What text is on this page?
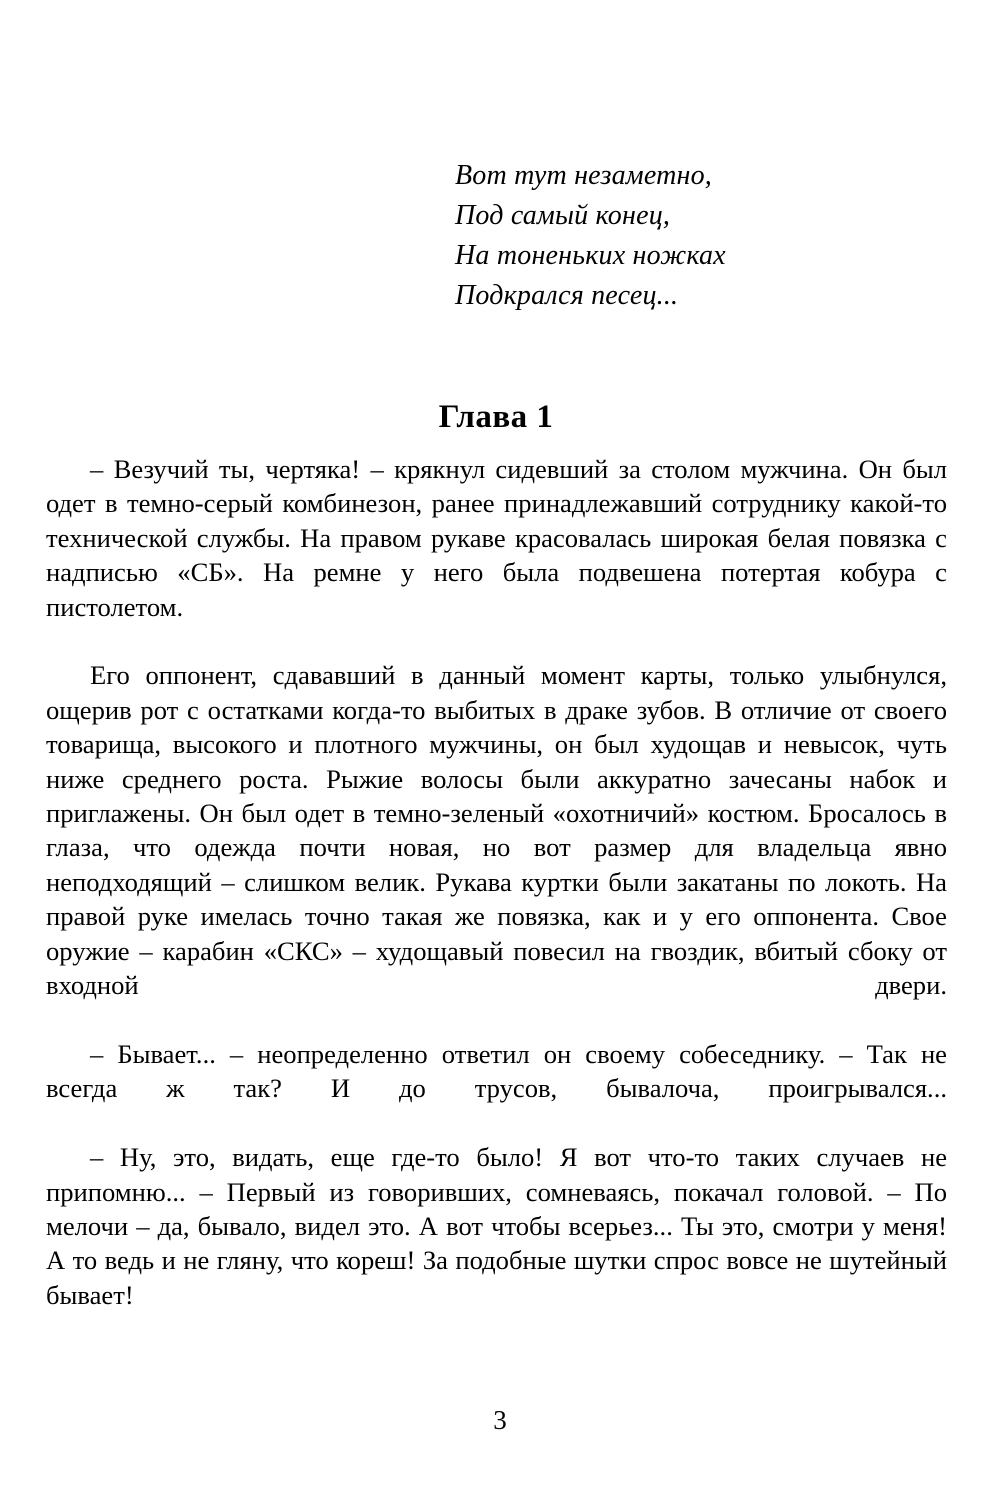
Вот тут незаметно,
Под самый конец,
На тоненьких ножках
Подкрался песец...
Глава 1

– Везучий ты, чертяка! – крякнул сидевший за столом мужчина. Он был одет в темно-серый комбинезон, ранее принадлежавший сотруднику какой-то технической службы. На правом рукаве красовалась широкая белая повязка с надписью «СБ». На ремне у него была подвешена потертая кобура с пистолетом.

Его оппонент, сдававший в данный момент карты, только улыбнулся, ощерив рот с остатками когда-то выбитых в драке зубов. В отличие от своего товарища, высокого и плотного мужчины, он был худощав и невысок, чуть ниже среднего роста. Рыжие волосы были аккуратно зачесаны набок и приглажены. Он был одет в темно-зеленый «охотничий» костюм. Бросалось в глаза, что одежда почти новая, но вот размер для владельца явно неподходящий – слишком велик. Рукава куртки были закатаны по локоть. На правой руке имелась точно такая же повязка, как и у его оппонента. Свое оружие – карабин «СКС» – худощавый повесил на гвоздик, вбитый сбоку от входной двери.

– Бывает... – неопределенно ответил он своему собеседнику. – Так не всегда ж так? И до трусов, бывалоча, проигрывался...

– Ну, это, видать, еще где-то было! Я вот что-то таких случаев не припомню... – Первый из говоривших, сомневаясь, покачал головой. – По мелочи – да, бывало, видел это. А вот чтобы всерьез... Ты это, смотри у меня! А то ведь и не гляну, что кореш! За подобные шутки спрос вовсе не шутейный бывает!

3
